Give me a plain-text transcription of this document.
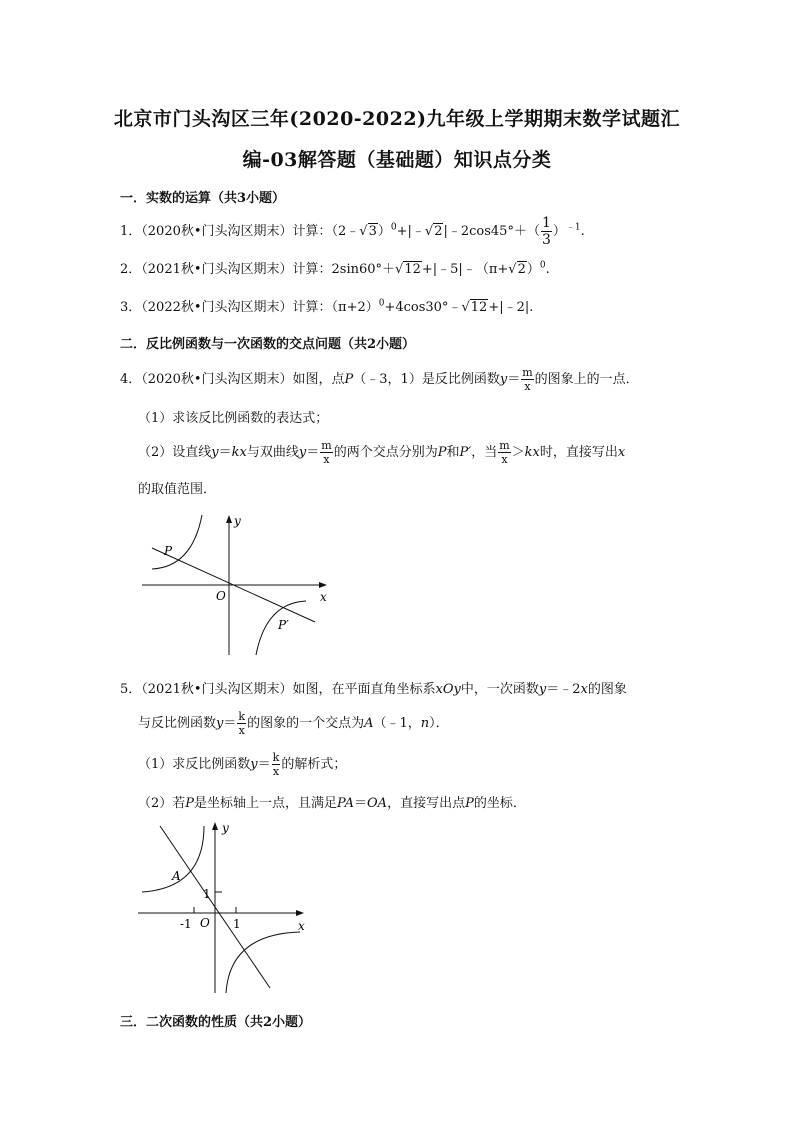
北京市门头沟区三年(2020-2022)九年级上学期期末数学试题汇
编-03解答题（基础题）知识点分类
一．实数的运算（共3小题）
1．（2020秋•门头沟区期末）计算：（2﹣√3）$^0$+|﹣√2|﹣2cos45°＋（ $\frac{1}{3} )^{﹣1}$.
2．（2021秋•门头沟区期末）计算：$2\sin 60^\circ+√12+|﹣5|﹣(\pi+√2)^0$.
3．（2022秋•门头沟区期末）计算：$(\pi+2)^0+4\cos 30^\circ﹣√12+|﹣2|$.
二．反比例函数与一次函数的交点问题（共2小题）
4．（2020秋•门头沟区期末）如图，点P（﹣3，1）是反比例函数$y= \frac{m}{x}$ 的图象上的一点．
（1）求该反比例函数的表达式；
（2）设直线y＝kx与双曲线$y= \frac{m}{x}$ 的两个交点分别为P和P′，当 $\frac{m}{x} >kx$时，直接写出x
的取值范围．
y
x
O
P
P′
5．（2021秋•门头沟区期末）如图，在平面直角坐标系xOy中，一次函数y＝﹣2x的图象
与反比例函数$y= \frac{k}{x}$ 的图象的一个交点为A（﹣1，n）．
（1）求反比例函数$y= \frac{k}{x}$ 的解析式；
（2）若P是坐标轴上一点，且满足PA＝OA，直接写出点P的坐标．
y
x
O
A
1
1
-1
三．二次函数的性质（共2小题）
